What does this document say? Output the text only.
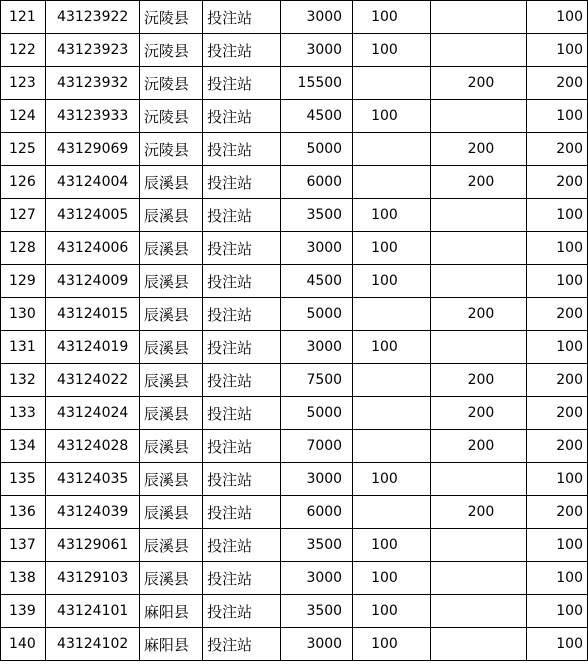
121	43123922	沅陵县	投注站	3000	100		100
122	43123923	沅陵县	投注站	3000	100		100
123	43123932	沅陵县	投注站	15500		200	200
124	43123933	沅陵县	投注站	4500	100		100
125	43129069	沅陵县	投注站	5000		200	200
126	43124004	辰溪县	投注站	6000		200	200
127	43124005	辰溪县	投注站	3500	100		100
128	43124006	辰溪县	投注站	3000	100		100
129	43124009	辰溪县	投注站	4500	100		100
130	43124015	辰溪县	投注站	5000		200	200
131	43124019	辰溪县	投注站	3000	100		100
132	43124022	辰溪县	投注站	7500		200	200
133	43124024	辰溪县	投注站	5000		200	200
134	43124028	辰溪县	投注站	7000		200	200
135	43124035	辰溪县	投注站	3000	100		100
136	43124039	辰溪县	投注站	6000		200	200
137	43129061	辰溪县	投注站	3500	100		100
138	43129103	辰溪县	投注站	3000	100		100
139	43124101	麻阳县	投注站	3500	100		100
140	43124102	麻阳县	投注站	3000	100		100
